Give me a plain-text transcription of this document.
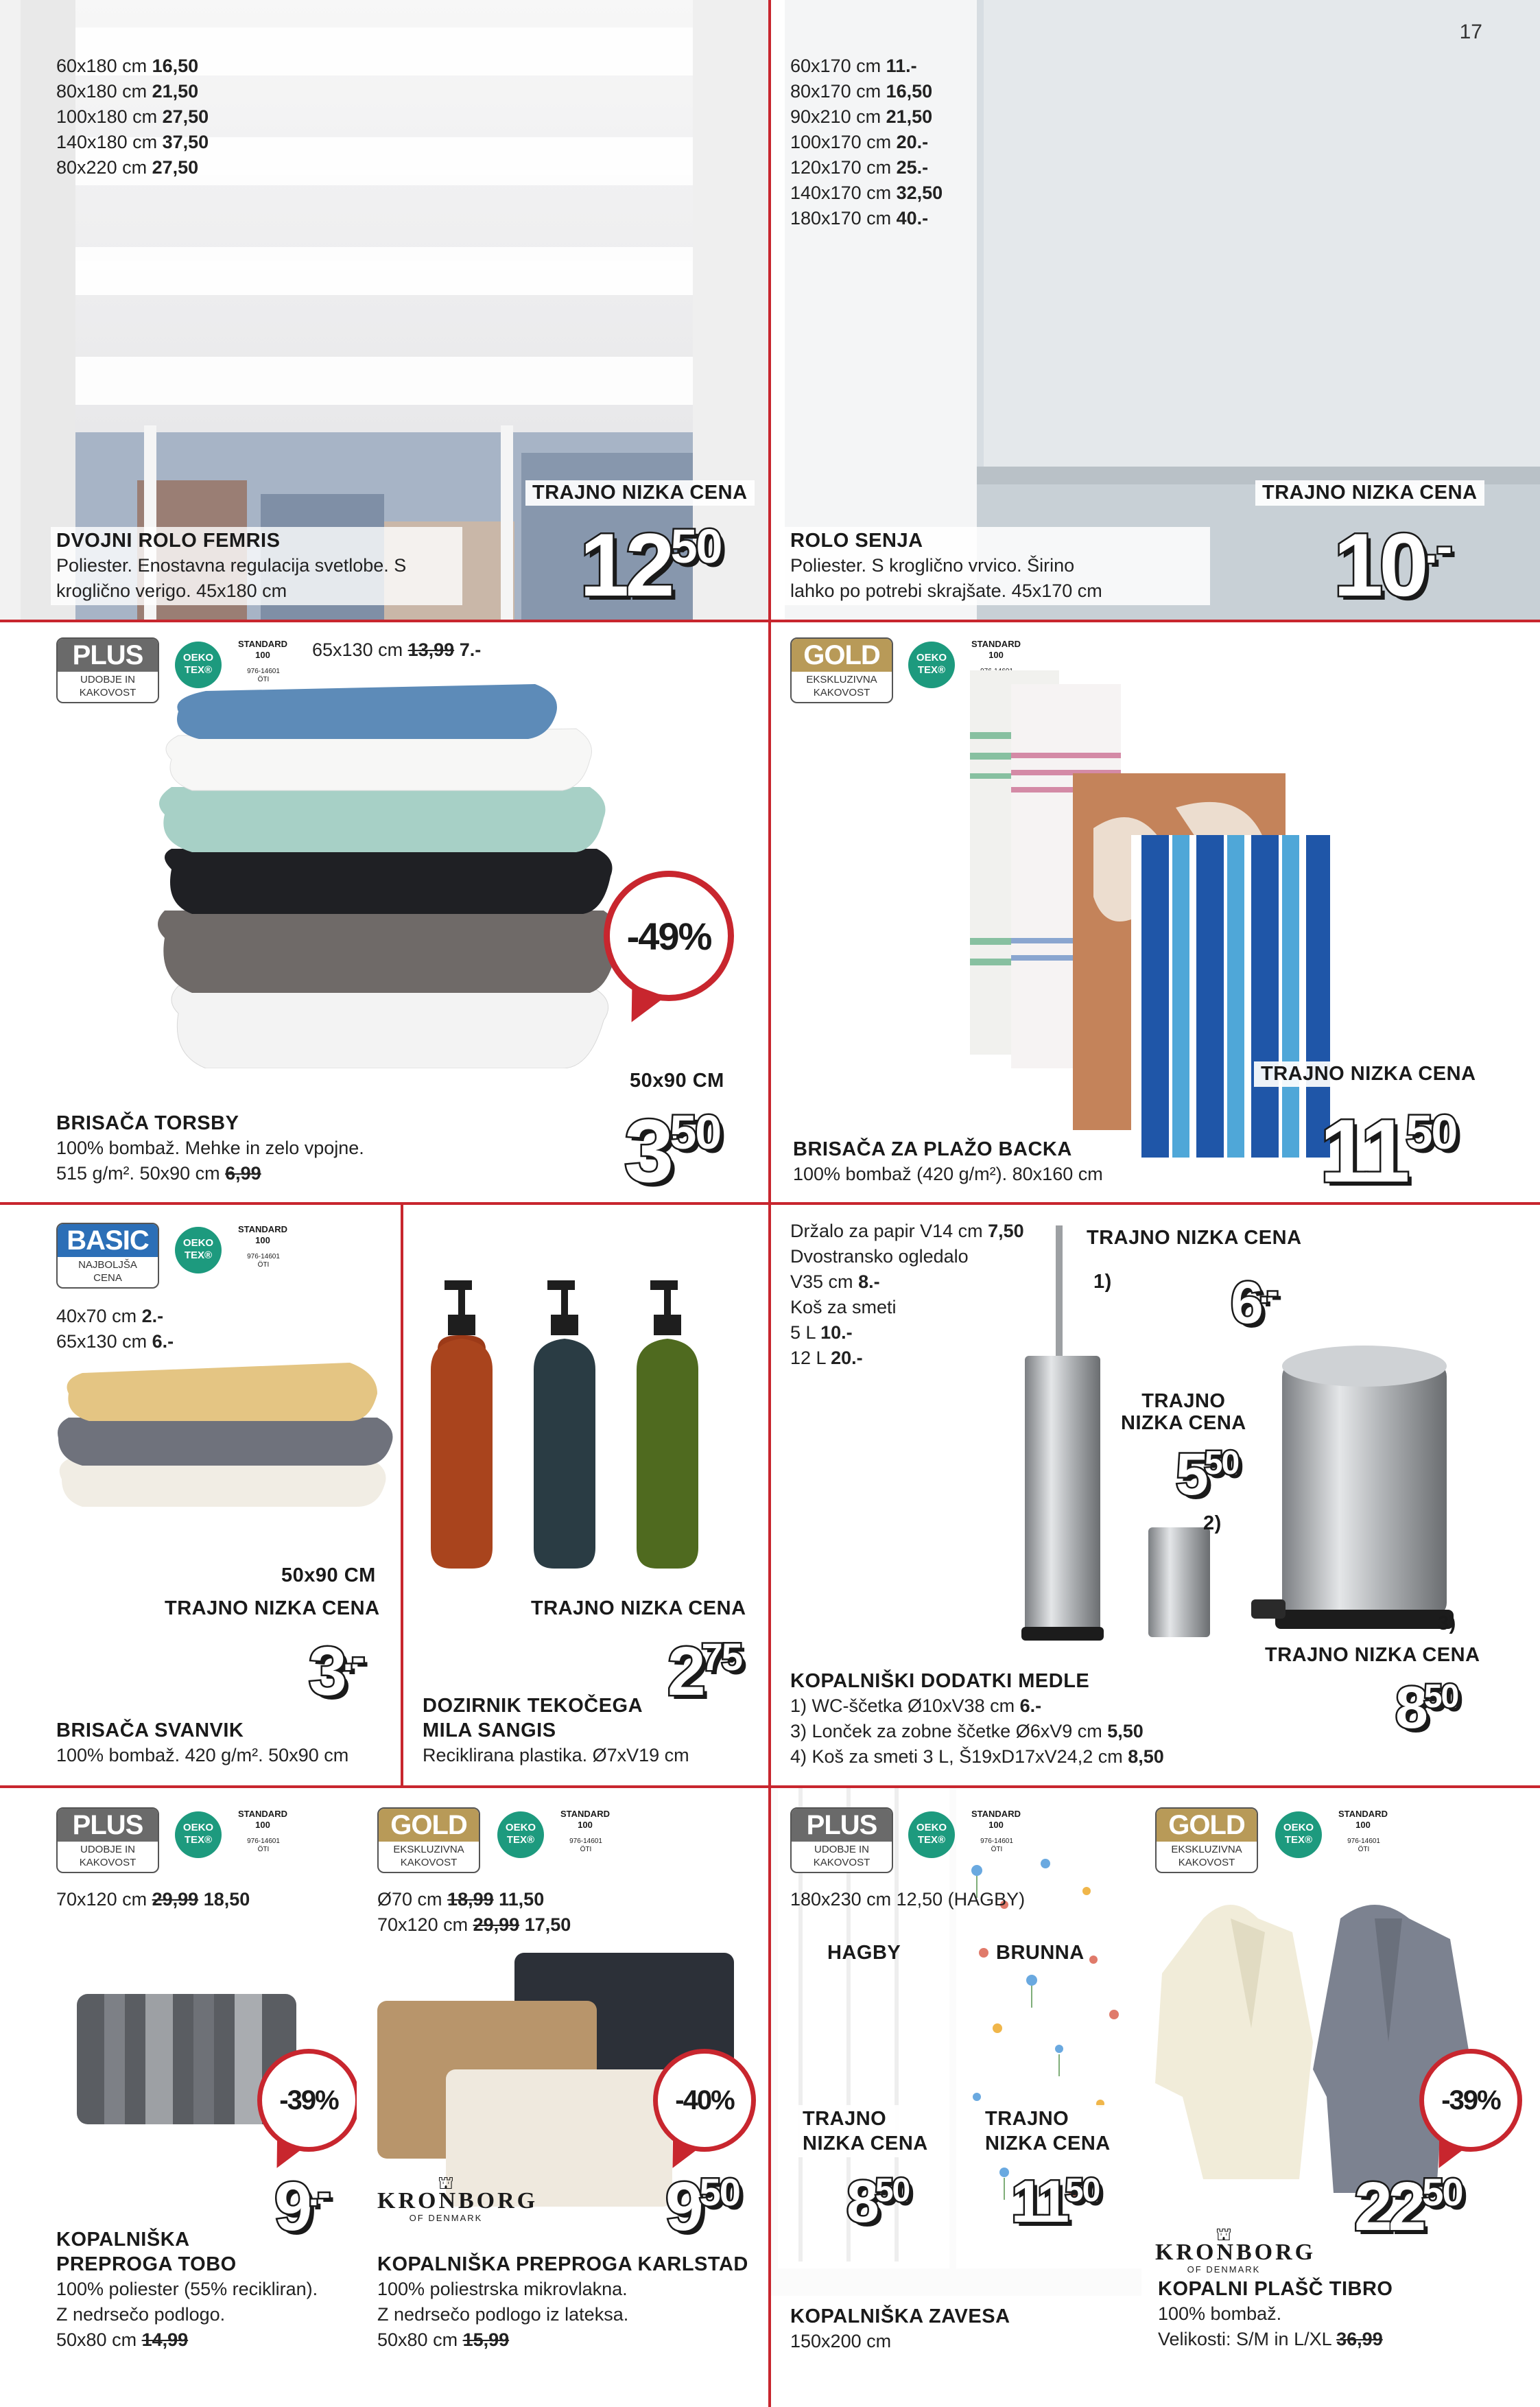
60x180 cm 16,50
80x180 cm 21,50
100x180 cm 27,50
140x180 cm 37,50
80x220 cm 27,50
TRAJNO NIZKA CENA
DVOJNI ROLO FEMRIS
Poliester. Enostavna regulacija svetlobe. S
kroglično verigo. 45x180 cm	1250
17
60x170 cm 11.-
80x170 cm 16,50
90x210 cm 21,50
100x170 cm 20.-
120x170 cm 25.-
140x170 cm 32,50
180x170 cm 40.-
TRAJNO NIZKA CENA
ROLO SENJA
Poliester. S kroglično vrvico. Širino
lahko po potrebi skrajšate. 45x170 cm	10.-
PLUS
UDOBJE IN
KAKOVOST
OEKO
TEX®
STANDARD
100
976-14601
ÖTI
65x130 cm 13,99 7.-
-49%
50x90 CM
BRISAČA TORSBY
100% bombaž. Mehke in zelo vpojne.
515 g/m². 50x90 cm 6,99	350
GOLD
EKSKLUZIVNA
KAKOVOST
OEKO
TEX®
STANDARD
100
TRAJNO NIZKA CENA
BRISAČA ZA PLAŽO BACKA
100% bombaž (420 g/m²). 80x160 cm 1150
BASIC
NAJBOLJŠA
CENA
OEKO
TEX®
STANDARD
100
976-14601
ÖTI
40x70 cm 2.-
65x130 cm 6.-
50x90 CM
TRAJNO NIZKA CENA
3.-
BRISAČA SVANVIK
100% bombaž. 420 g/m². 50x90 cm
TRAJNO NIZKA CENA
275
DOZIRNIK TEKOČEGA
MILA SANGIS
Reciklirana plastika. Ø7xV19 cm
Držalo za papir V14 cm 7,50
Dvostransko ogledalo
V35 cm 8.-
Koš za smeti
5 L 10.-
12 L 20.-
TRAJNO NIZKA CENA
1) 6.-
TRAJNO
NIZKA CENA
550
2)
3)
TRAJNO NIZKA CENA
850
KOPALNIŠKI DODATKI MEDLE
1) WC-ščetka Ø10xV38 cm 6.-
3) Lonček za zobne ščetke Ø6xV9 cm 5,50
4) Koš za smeti 3 L, Š19xD17xV24,2 cm 8,50
PLUS
UDOBJE IN
KAKOVOST
OEKO
TEX®
STANDARD
100
976-14601
ÖTI
70x120 cm 29,99 18,50
-39%
9.-
KOPALNIŠKA
PREPROGA TOBO
100% poliester (55% recikliran).
Z nedrsečo podlogo.
50x80 cm 14,99
GOLD
EKSKLUZIVNA
KAKOVOST
OEKO
TEX®
STANDARD
100
976-14601
ÖTI
Ø70 cm 18,99 11,50
70x120 cm 29,99 17,50
-40%
⛫
KRONBORG
OF DENMARK	950
KOPALNIŠKA PREPROGA KARLSTAD
100% poliestrska mikrovlakna.
Z nedrsečo podlogo iz lateksa.
50x80 cm 15,99
PLUS
UDOBJE IN
KAKOVOST
OEKO
TEX®
STANDARD
100
976-14601
ÖTI
180x230 cm 12,50 (HAGBY)
HAGBY	BRUNNA
TRAJNO
NIZKA CENA
TRAJNO
NIZKA CENA
850 1150
KOPALNIŠKA ZAVESA
150x200 cm
GOLD
EKSKLUZIVNA
KAKOVOST
OEKO
TEX®
STANDARD
100
976-14601
ÖTI
-39%
2250
⛫
KRONBORG
OF DENMARK
KOPALNI PLAŠČ TIBRO
100% bombaž.
Velikosti: S/M in L/XL 36,99
